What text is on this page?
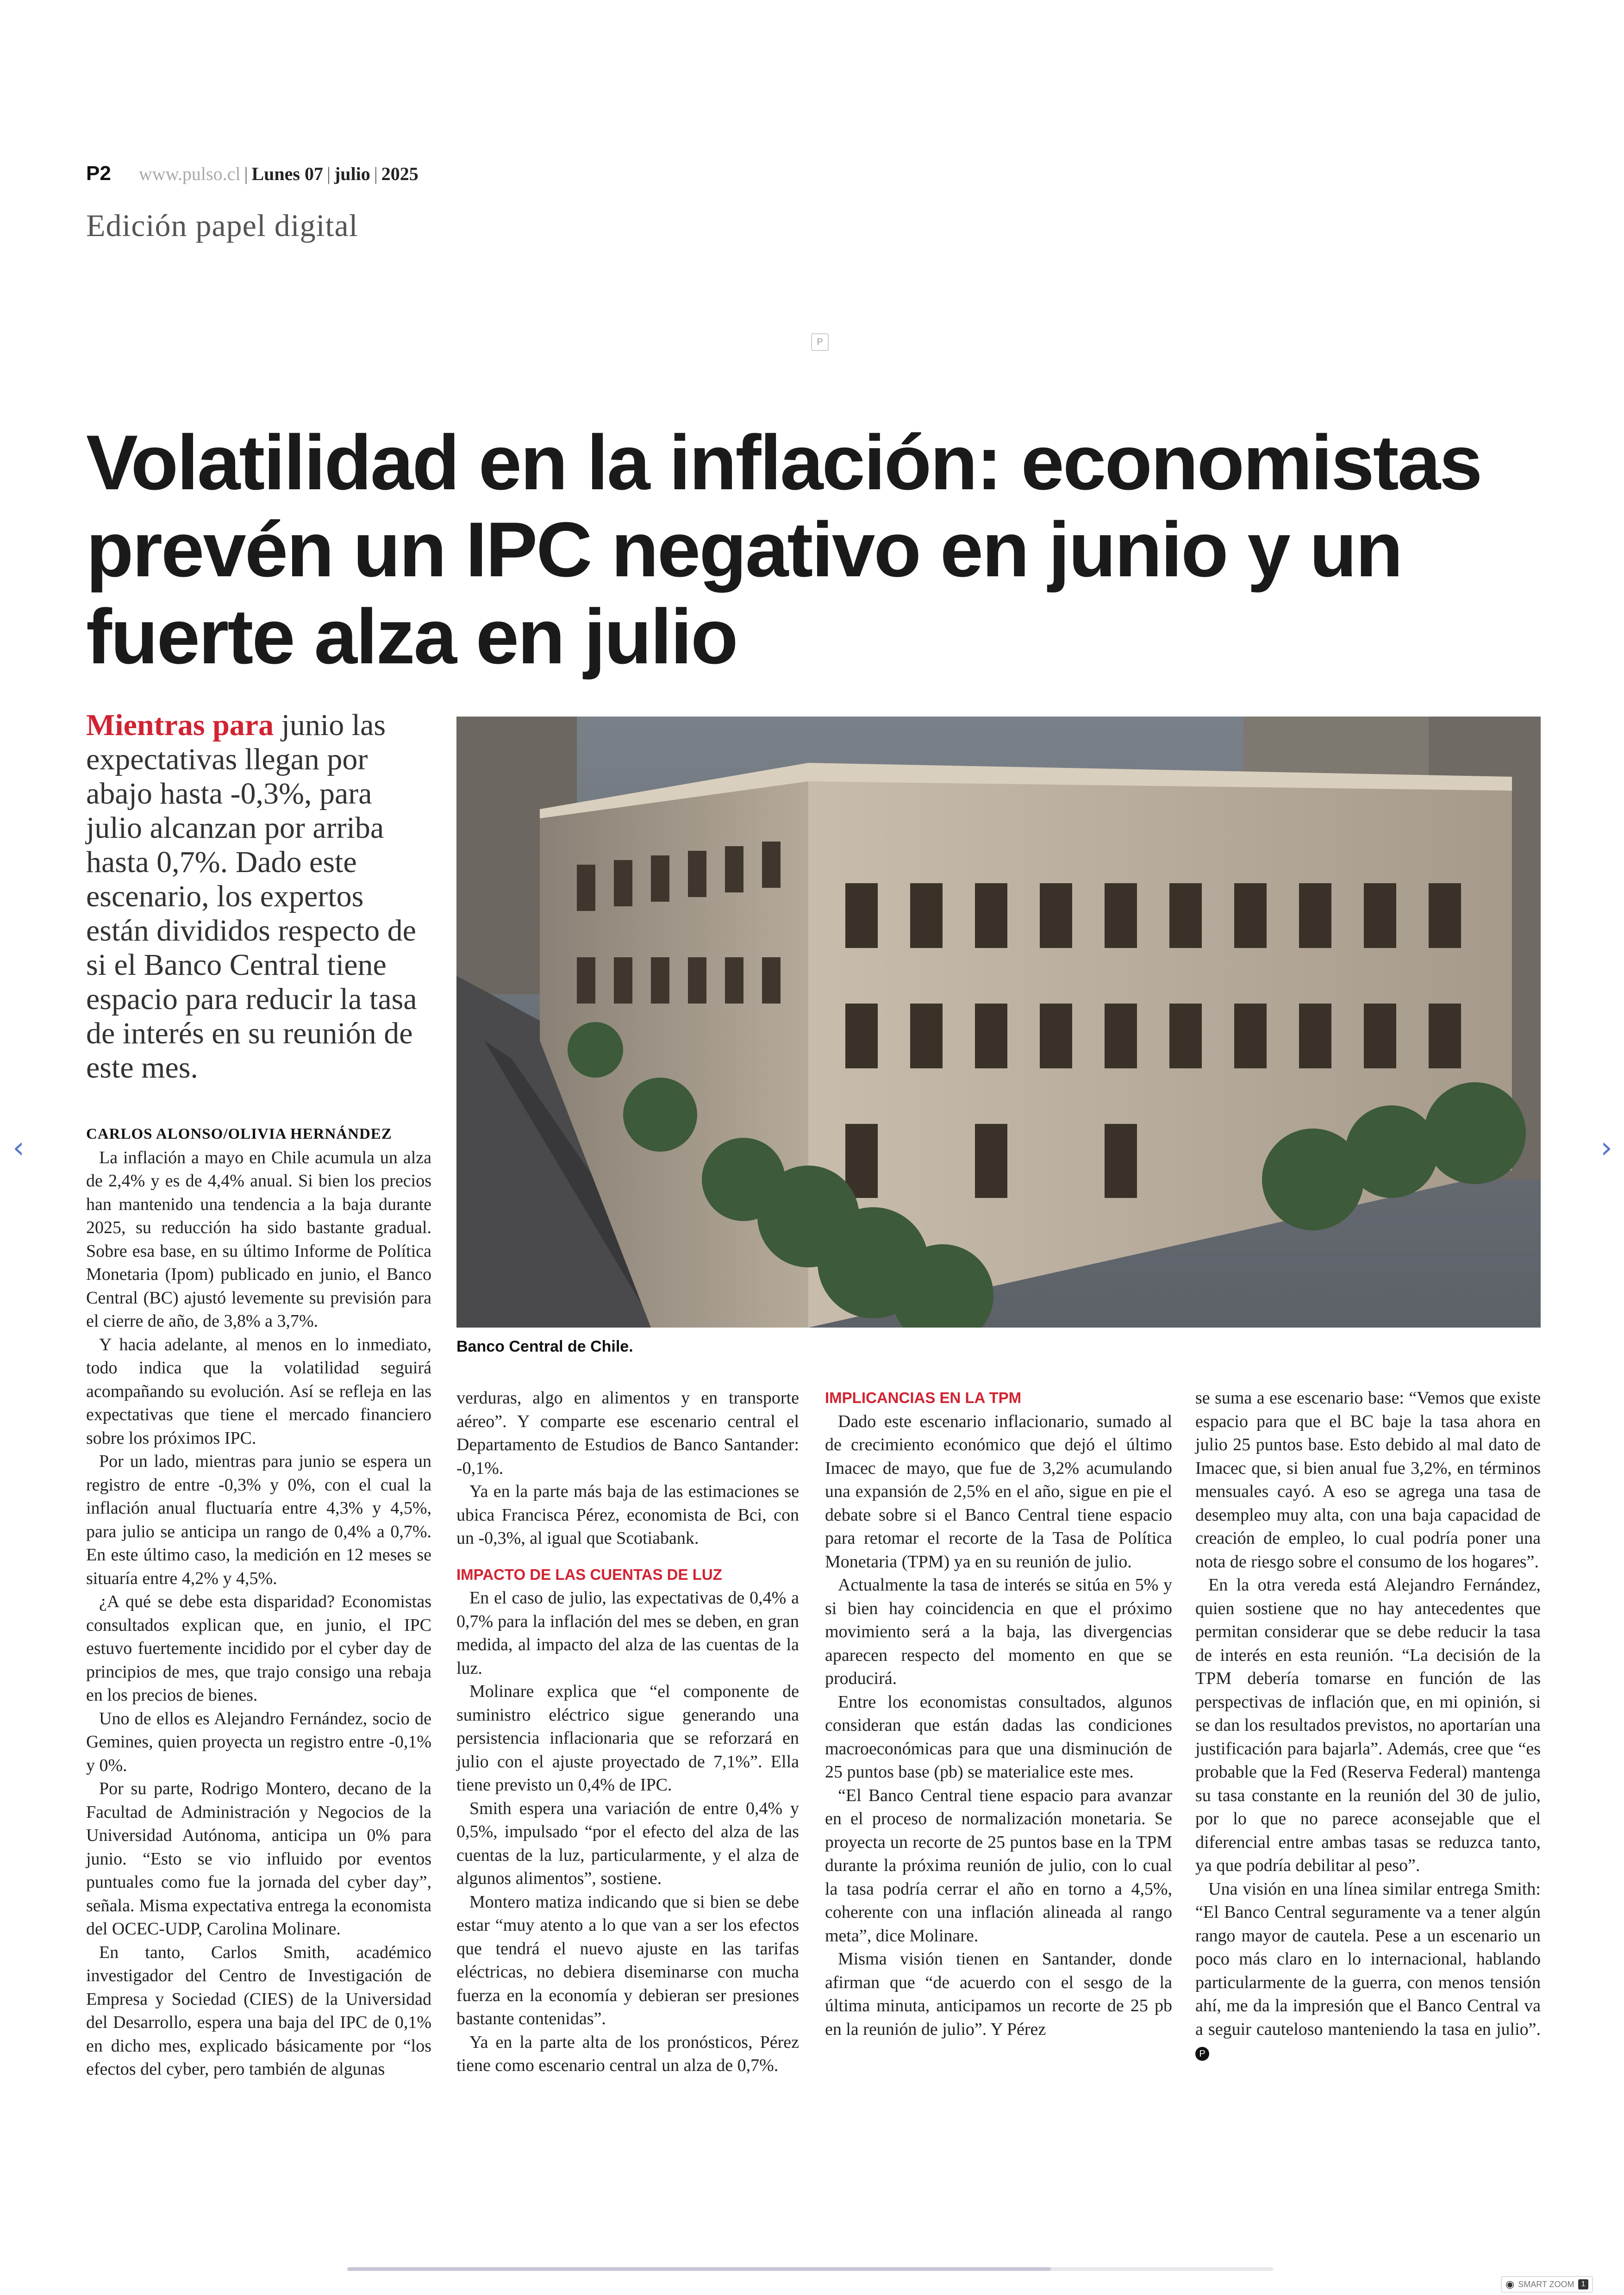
P2 www.pulso.cl | Lunes 07 | julio | 2025
Edición papel digital
P
Volatilidad en la inflación: economistas prevén un IPC negativo en junio y un fuerte alza en julio
Mientras para junio las expectativas llegan por abajo hasta -0,3%, para julio alcanzan por arriba hasta 0,7%. Dado este escenario, los expertos están divididos respecto de si el Banco Central tiene espacio para reducir la tasa de interés en su reunión de este mes.
Banco Central de Chile.

CARLOS ALONSO/OLIVIA HERNÁNDEZ

La inflación a mayo en Chile acumula un alza de 2,4% y es de 4,4% anual. Si bien los precios han mantenido una tendencia a la baja durante 2025, su reducción ha sido bastante gradual. Sobre esa base, en su último Informe de Política Monetaria (Ipom) publicado en junio, el Banco Central (BC) ajustó levemente su previsión para el cierre de año, de 3,8% a 3,7%.

Y hacia adelante, al menos en lo inmediato, todo indica que la volatilidad seguirá acompañando su evolución. Así se refleja en las expectativas que tiene el mercado financiero sobre los próximos IPC.

Por un lado, mientras para junio se espera un registro de entre -0,3% y 0%, con el cual la inflación anual fluctuaría entre 4,3% y 4,5%, para julio se anticipa un rango de 0,4% a 0,7%. En este último caso, la medición en 12 meses se situaría entre 4,2% y 4,5%.

¿A qué se debe esta disparidad? Economistas consultados explican que, en junio, el IPC estuvo fuertemente incidido por el cyber day de principios de mes, que trajo consigo una rebaja en los precios de bienes.

Uno de ellos es Alejandro Fernández, socio de Gemines, quien proyecta un registro entre -0,1% y 0%.

Por su parte, Rodrigo Montero, decano de la Facultad de Administración y Negocios de la Universidad Autónoma, anticipa un 0% para junio. “Esto se vio influido por eventos puntuales como fue la jornada del cyber day”, señala. Misma expectativa entrega la economista del OCEC-UDP, Carolina Molinare.

En tanto, Carlos Smith, académico investigador del Centro de Investigación de Empresa y Sociedad (CIES) de la Universidad del Desarrollo, espera una baja del IPC de 0,1% en dicho mes, explicado básicamente por “los efectos del cyber, pero también de algunas

verduras, algo en alimentos y en transporte aéreo”. Y comparte ese escenario central el Departamento de Estudios de Banco Santander: -0,1%.

Ya en la parte más baja de las estimaciones se ubica Francisca Pérez, economista de Bci, con un -0,3%, al igual que Scotiabank.

IMPACTO DE LAS CUENTAS DE LUZ

En el caso de julio, las expectativas de 0,4% a 0,7% para la inflación del mes se deben, en gran medida, al impacto del alza de las cuentas de la luz.

Molinare explica que “el componente de suministro eléctrico sigue generando una persistencia inflacionaria que se reforzará en julio con el ajuste proyectado de 7,1%”. Ella tiene previsto un 0,4% de IPC.

Smith espera una variación de entre 0,4% y 0,5%, impulsado “por el efecto del alza de las cuentas de la luz, particularmente, y el alza de algunos alimentos”, sostiene.

Montero matiza indicando que si bien se debe estar “muy atento a lo que van a ser los efectos que tendrá el nuevo ajuste en las tarifas eléctricas, no debiera diseminarse con mucha fuerza en la economía y debieran ser presiones bastante contenidas”.

Ya en la parte alta de los pronósticos, Pérez tiene como escenario central un alza de 0,7%.

IMPLICANCIAS EN LA TPM

Dado este escenario inflacionario, sumado al de crecimiento económico que dejó el último Imacec de mayo, que fue de 3,2% acumulando una expansión de 2,5% en el año, sigue en pie el debate sobre si el Banco Central tiene espacio para retomar el recorte de la Tasa de Política Monetaria (TPM) ya en su reunión de julio.

Actualmente la tasa de interés se sitúa en 5% y si bien hay coincidencia en que el próximo movimiento será a la baja, las divergencias aparecen respecto del momento en que se producirá.

Entre los economistas consultados, algunos consideran que están dadas las condiciones macroeconómicas para que una disminución de 25 puntos base (pb) se materialice este mes.

“El Banco Central tiene espacio para avanzar en el proceso de normalización monetaria. Se proyecta un recorte de 25 puntos base en la TPM durante la próxima reunión de julio, con lo cual la tasa podría cerrar el año en torno a 4,5%, coherente con una inflación alineada al rango meta”, dice Molinare.

Misma visión tienen en Santander, donde afirman que “de acuerdo con el sesgo de la última minuta, anticipamos un recorte de 25 pb en la reunión de julio”. Y Pérez

se suma a ese escenario base: “Vemos que existe espacio para que el BC baje la tasa ahora en julio 25 puntos base. Esto debido al mal dato de Imacec que, si bien anual fue 3,2%, en términos mensuales cayó. A eso se agrega una tasa de desempleo muy alta, con una baja capacidad de creación de empleo, lo cual podría poner una nota de riesgo sobre el consumo de los hogares”.

En la otra vereda está Alejandro Fernández, quien sostiene que no hay antecedentes que permitan considerar que se debe reducir la tasa de interés en esta reunión. “La decisión de la TPM debería tomarse en función de las perspectivas de inflación que, en mi opinión, si se dan los resultados previstos, no aportarían una justificación para bajarla”. Además, cree que “es probable que la Fed (Reserva Federal) mantenga su tasa constante en la reunión del 30 de julio, por lo que no parece aconsejable que el diferencial entre ambas tasas se reduzca tanto, ya que podría debilitar al peso”.

Una visión en una línea similar entrega Smith: “El Banco Central seguramente va a tener algún rango mayor de cautela. Pese a un escenario un poco más claro en lo internacional, hablando particularmente de la guerra, con menos tensión ahí, me da la impresión que el Banco Central va a seguir cauteloso manteniendo la tasa en julio”.P

‹	›
◉ SMART ZOOM 1
